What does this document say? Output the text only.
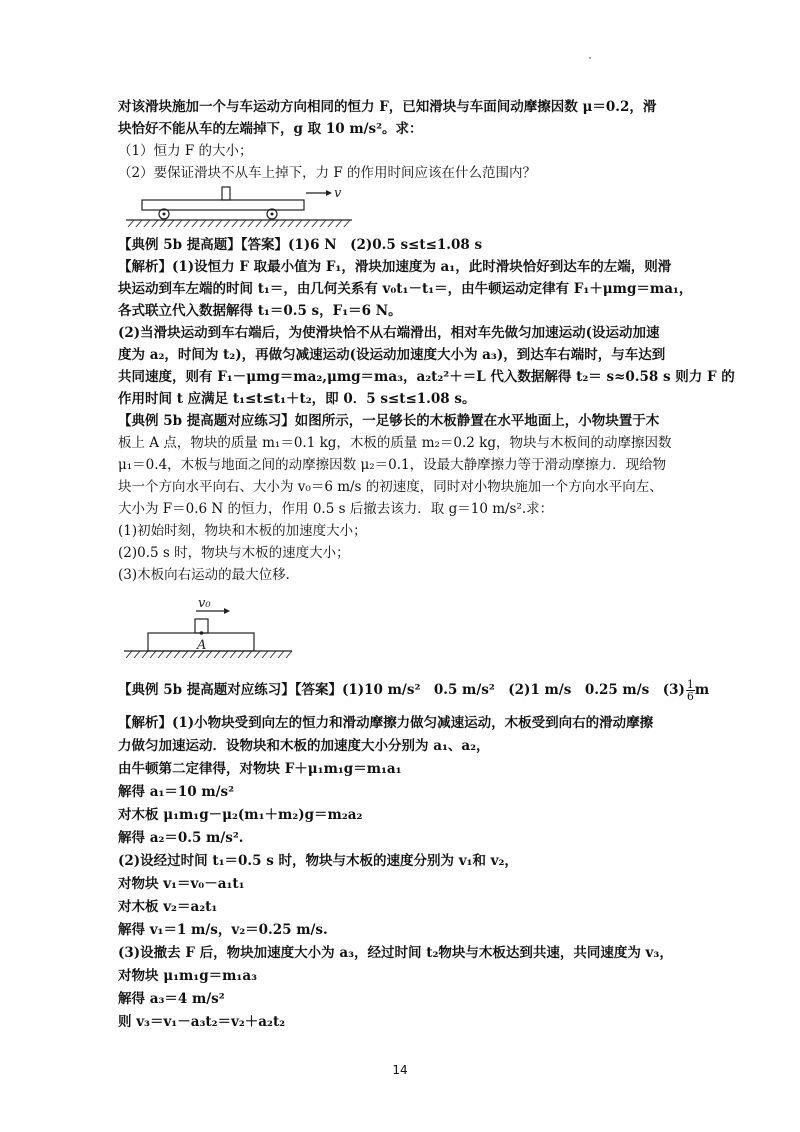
对该滑块施加一个与车运动方向相同的恒力 F，已知滑块与车面间动摩擦因数 μ＝0.2，滑
块恰好不能从车的左端掉下，g 取 10 m/s²。求：
（1）恒力 F 的大小；
（2）要保证滑块不从车上掉下，力 F 的作用时间应该在什么范围内？
v
【典例 5b 提高题】【答案】(1)6 N　(2)0.5 s≤t≤1.08 s
【解析】(1)设恒力 F 取最小值为 F₁，滑块加速度为 a₁，此时滑块恰好到达车的左端，则滑
块运动到车左端的时间 t₁＝，由几何关系有 v₀t₁－t₁＝，由牛顿运动定律有 F₁＋μmg＝ma₁，
各式联立代入数据解得 t₁＝0.5 s，F₁＝6 N。
(2)当滑块运动到车右端后，为使滑块恰不从右端滑出，相对车先做匀加速运动(设运动加速
度为 a₂，时间为 t₂)，再做匀减速运动(设运动加速度大小为 a₃)，到达车右端时，与车达到
共同速度，则有 F₁－μmg＝ma₂,μmg＝ma₃，a₂t₂²＋＝L 代入数据解得 t₂＝ s≈0.58 s 则力 F 的
作用时间 t 应满足 t₁≤t≤t₁＋t₂，即 0．5 s≤t≤1.08 s。
【典例 5b 提高题对应练习】如图所示，一足够长的木板静置在水平地面上，小物块置于木
板上 A 点，物块的质量 m₁＝0.1 kg，木板的质量 m₂＝0.2 kg，物块与木板间的动摩擦因数
μ₁＝0.4，木板与地面之间的动摩擦因数 μ₂＝0.1，设最大静摩擦力等于滑动摩擦力．现给物
块一个方向水平向右、大小为 v₀＝6 m/s 的初速度，同时对小物块施加一个方向水平向左、
大小为 F＝0.6 N 的恒力，作用 0.5 s 后撤去该力．取 g＝10 m/s².求：
(1)初始时刻，物块和木板的加速度大小；
(2)0.5 s 时，物块与木板的速度大小；
(3)木板向右运动的最大位移．
v₀
A
【典例 5b 提高题对应练习】【答案】(1)10 m/s²　0.5 m/s²　(2)1 m/s　0.25 m/s　$(3) \frac{1}{6}$ m
【解析】(1)小物块受到向左的恒力和滑动摩擦力做匀减速运动，木板受到向右的滑动摩擦
力做匀加速运动．设物块和木板的加速度大小分别为 a₁、a₂，
由牛顿第二定律得，对物块 F＋μ₁m₁g＝m₁a₁
解得 a₁＝10 m/s²
对木板 μ₁m₁g－μ₂(m₁＋m₂)g＝m₂a₂
解得 a₂＝0.5 m/s².
(2)设经过时间 t₁＝0.5 s 时，物块与木板的速度分别为 v₁和 v₂，
对物块 v₁＝v₀－a₁t₁
对木板 v₂＝a₂t₁
解得 v₁＝1 m/s，v₂＝0.25 m/s.
(3)设撤去 F 后，物块加速度大小为 a₃，经过时间 t₂物块与木板达到共速，共同速度为 v₃，
对物块 μ₁m₁g＝m₁a₃
解得 a₃＝4 m/s²
则 v₃＝v₁－a₃t₂＝v₂＋a₂t₂
14
